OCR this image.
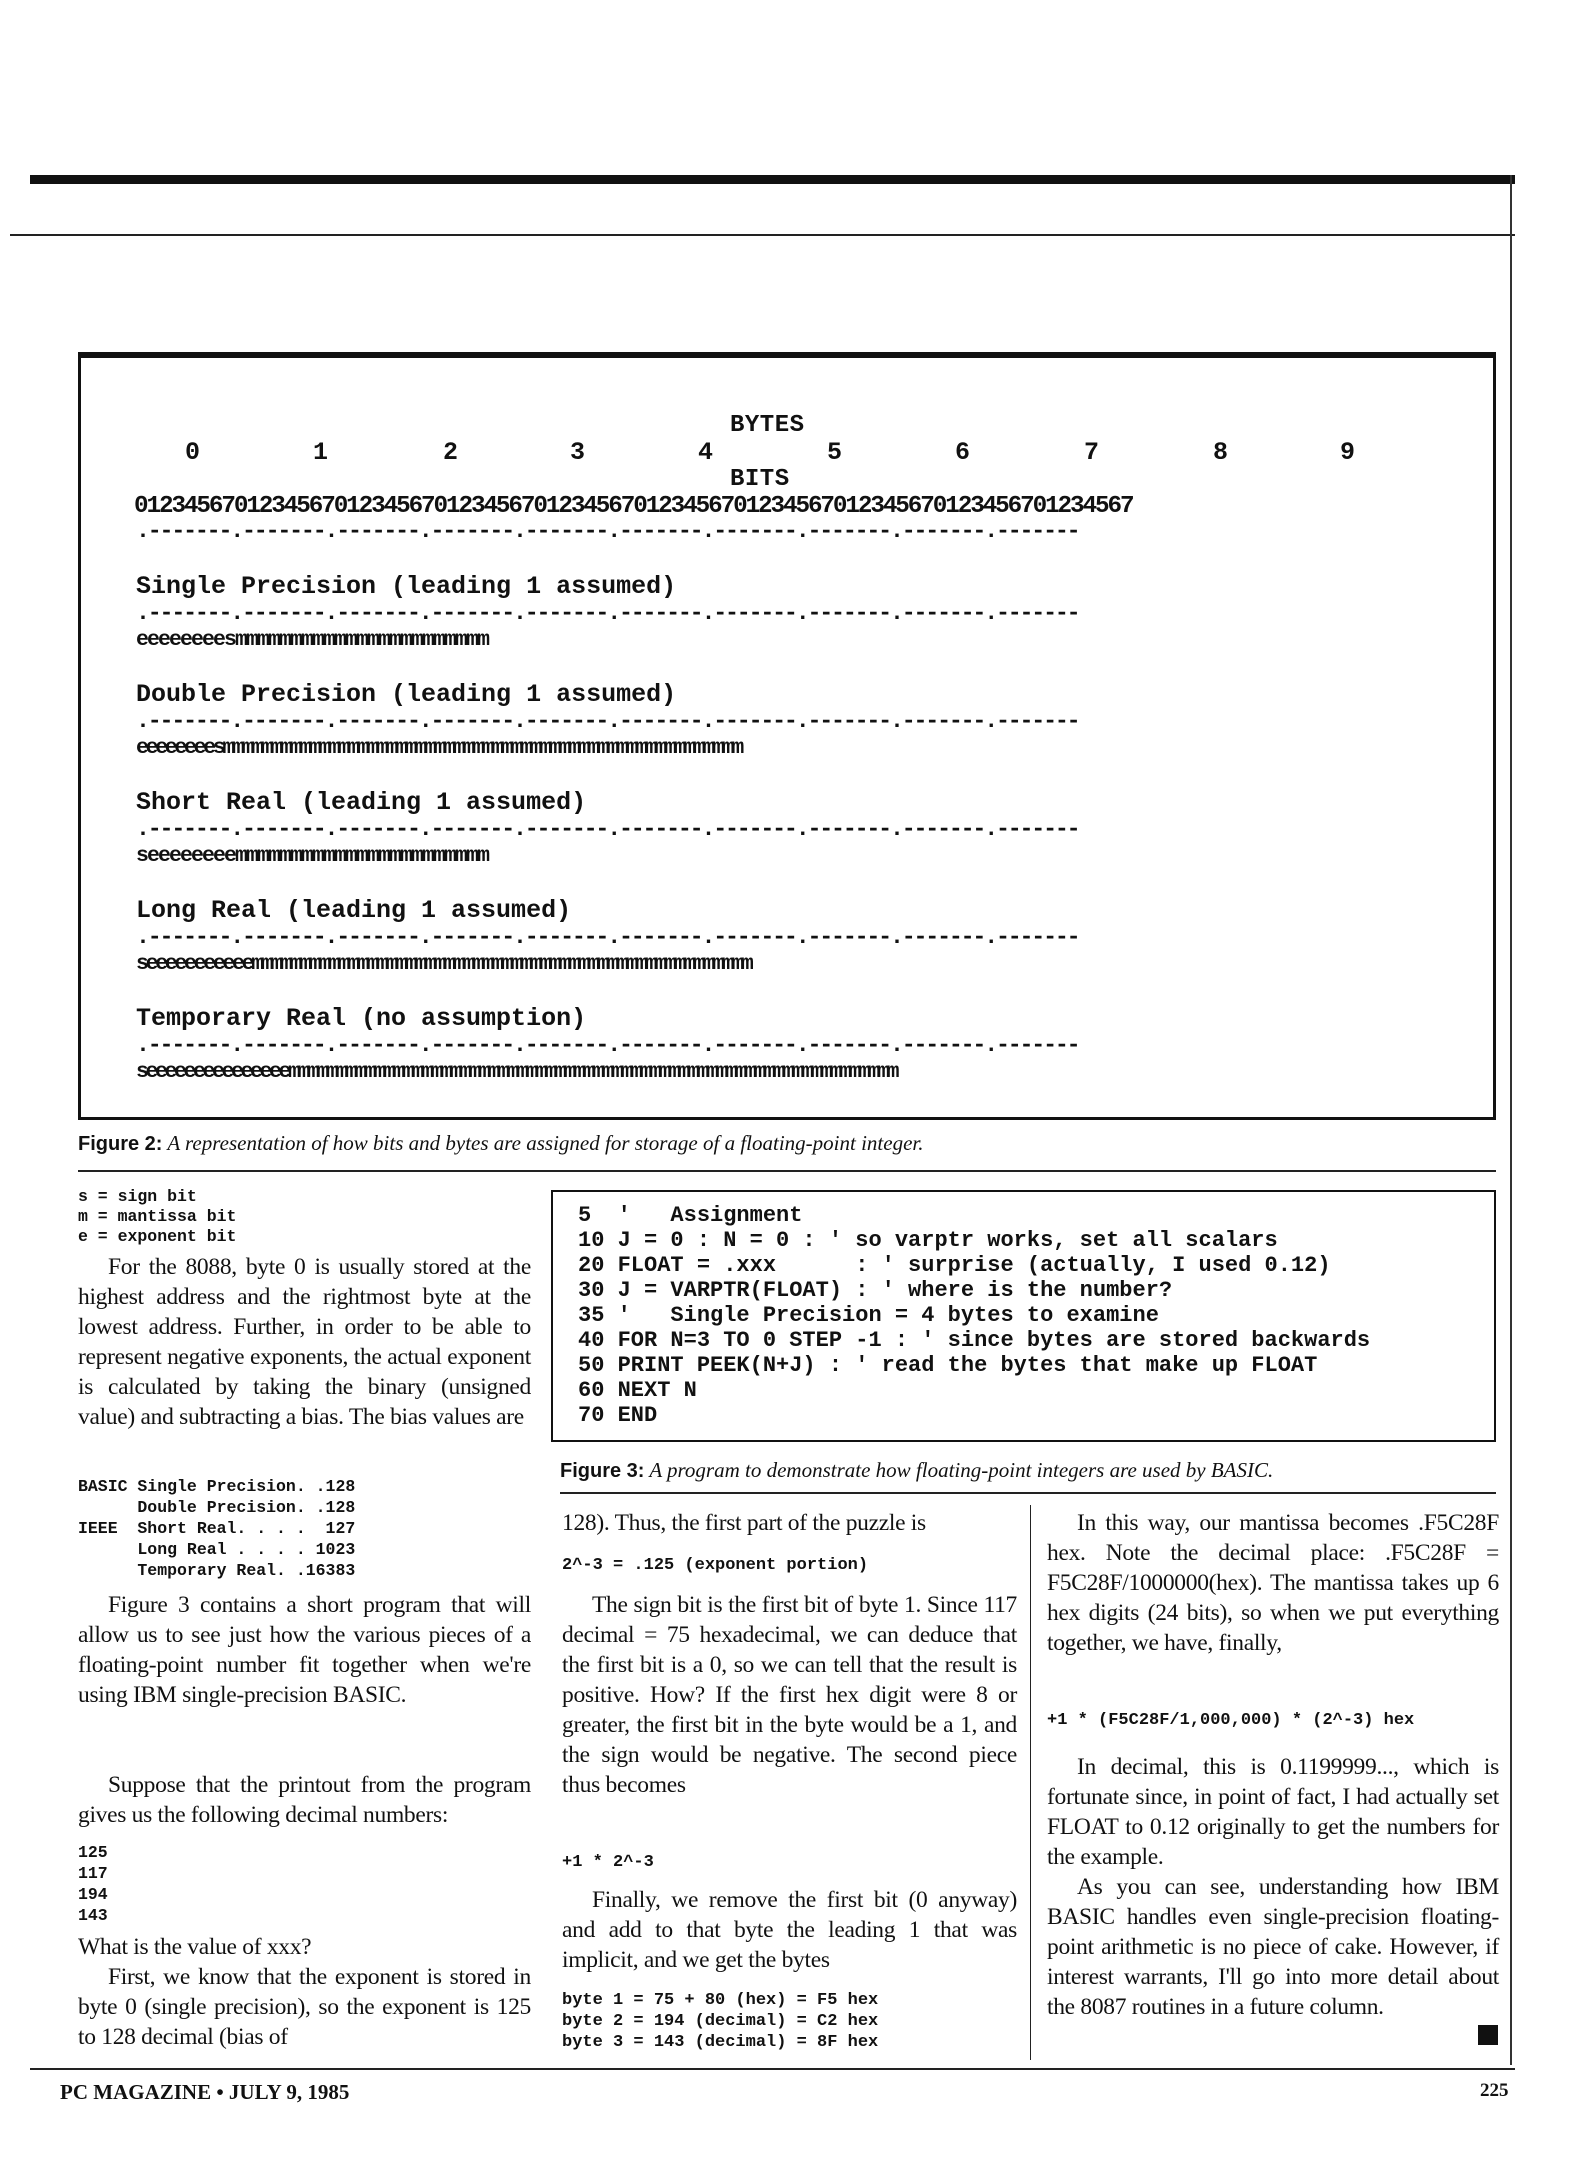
BYTES
0	1	2	3	4	5	6	7	8	9
BITS
01234567012345670123456701234567012345670123456701234567012345670123456701234567
.-------.-------.-------.-------.-------.-------.-------.-------.-------.-------
Single Precision (leading 1 assumed)
.-------.-------.-------.-------.-------.-------.-------.-------.-------.-------
eeeeeeeesmmmmmmmmmmmmmmmmmmmmmmm
Double Precision (leading 1 assumed)
.-------.-------.-------.-------.-------.-------.-------.-------.-------.-------
eeeeeeeesmmmmmmmmmmmmmmmmmmmmmmmmmmmmmmmmmmmmmmmmmmmmmmmmmmmmmm
Short Real (leading 1 assumed)
.-------.-------.-------.-------.-------.-------.-------.-------.-------.-------
seeeeeeeemmmmmmmmmmmmmmmmmmmmmmm
Long Real (leading 1 assumed)
.-------.-------.-------.-------.-------.-------.-------.-------.-------.-------
seeeeeeeeeeemmmmmmmmmmmmmmmmmmmmmmmmmmmmmmmmmmmmmmmmmmmmmmmmmmmm
Temporary Real (no assumption)
.-------.-------.-------.-------.-------.-------.-------.-------.-------.-------
seeeeeeeeeeeeeeemmmmmmmmmmmmmmmmmmmmmmmmmmmmmmmmmmmmmmmmmmmmmmmmmmmmmmmmmmmmmmmm
Figure 2: A representation of how bits and bytes are assigned for storage of a floating-point integer.
s = sign bit
m = mantissa bit
e = exponent bit
For the 8088, byte 0 is usually stored at the highest address and the rightmost byte at the lowest address. Further, in order to be able to represent negative exponents, the actual exponent is calculated by taking the binary (unsigned value) and subtracting a bias. The bias values are
BASIC Single Precision. .128
Double Precision. .128
IEEE  Short Real. . . .  127
Long Real . . . . 1023
Temporary Real. .16383
Figure 3 contains a short program that will allow us to see just how the various pieces of a floating-point number fit together when we're using IBM single-precision BASIC.
Suppose that the printout from the program gives us the following decimal numbers:
125
117
194
143
What is the value of xxx?
First, we know that the exponent is stored in byte 0 (single precision), so the exponent is 125 to 128 decimal (bias of
5  '   Assignment
10 J = 0 : N = 0 : ' so varptr works, set all scalars
20 FLOAT = .xxx      : ' surprise (actually, I used 0.12)
30 J = VARPTR(FLOAT) : ' where is the number?
35 '   Single Precision = 4 bytes to examine
40 FOR N=3 TO 0 STEP -1 : ' since bytes are stored backwards
50 PRINT PEEK(N+J) : ' read the bytes that make up FLOAT
60 NEXT N
70 END
Figure 3: A program to demonstrate how floating-point integers are used by BASIC.
128). Thus, the first part of the puzzle is
2^-3 = .125 (exponent portion)
The sign bit is the first bit of byte 1. Since 117 decimal = 75 hexadecimal, we can deduce that the first bit is a 0, so we can tell that the result is positive. How? If the first hex digit were 8 or greater, the first bit in the byte would be a 1, and the sign would be negative. The second piece thus becomes
+1 * 2^-3
Finally, we remove the first bit (0 anyway) and add to that byte the leading 1 that was implicit, and we get the bytes
byte 1 = 75 + 80 (hex) = F5 hex
byte 2 = 194 (decimal) = C2 hex
byte 3 = 143 (decimal) = 8F hex
In this way, our mantissa becomes .F5C28F hex. Note the decimal place: .F5C28F = F5C28F/1000000(hex). The mantissa takes up 6 hex digits (24 bits), so when we put everything together, we have, finally,
+1 * (F5C28F/1,000,000) * (2^-3) hex
In decimal, this is 0.1199999..., which is fortunate since, in point of fact, I had actually set FLOAT to 0.12 originally to get the numbers for the example.
As you can see, understanding how IBM BASIC handles even single-precision floating-point arithmetic is no piece of cake. However, if interest warrants, I'll go into more detail about the 8087 routines in a future column.
PC MAGAZINE • JULY 9, 1985	225
